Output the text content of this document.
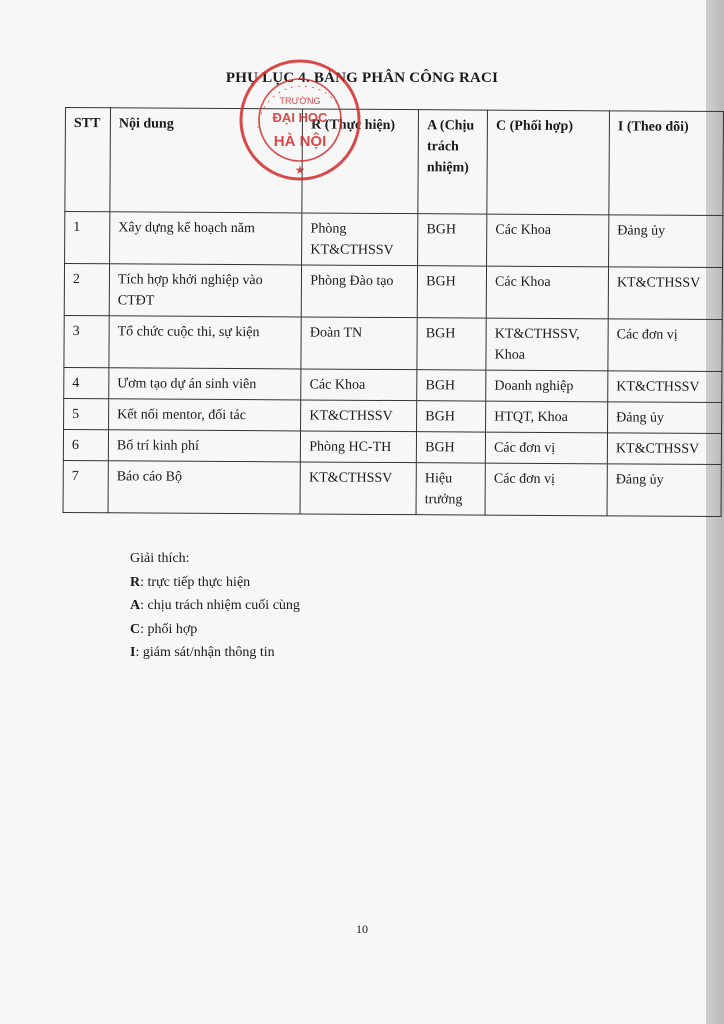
PHỤ LỤC 4. BẢNG PHÂN CÔNG RACI
STT	Nội dung	R (Thực hiện)	A (Chịu trách nhiệm)	C (Phối hợp)	I (Theo dõi)
1	Xây dựng kế hoạch năm	Phòng KT&CTHSSV	BGH	Các Khoa	Đảng ủy
2	Tích hợp khởi nghiệp vào CTĐT	Phòng Đào tạo	BGH	Các Khoa	KT&CTHSSV
3	Tổ chức cuộc thi, sự kiện	Đoàn TN	BGH	KT&CTHSSV, Khoa	Các đơn vị
4	Ươm tạo dự án sinh viên	Các Khoa	BGH	Doanh nghiệp	KT&CTHSSV
5	Kết nối mentor, đối tác	KT&CTHSSV	BGH	HTQT, Khoa	Đảng ủy
6	Bố trí kinh phí	Phòng HC-TH	BGH	Các đơn vị	KT&CTHSSV
7	Báo cáo Bộ	KT&CTHSSV	Hiệu trưởng	Các đơn vị	Đảng ủy
Giải thích:
R: trực tiếp thực hiện
A: chịu trách nhiệm cuối cùng
C: phối hợp
I: giám sát/nhận thông tin
★
TRƯỜNG
ĐẠI HỌC
HÀ NỘI
10
